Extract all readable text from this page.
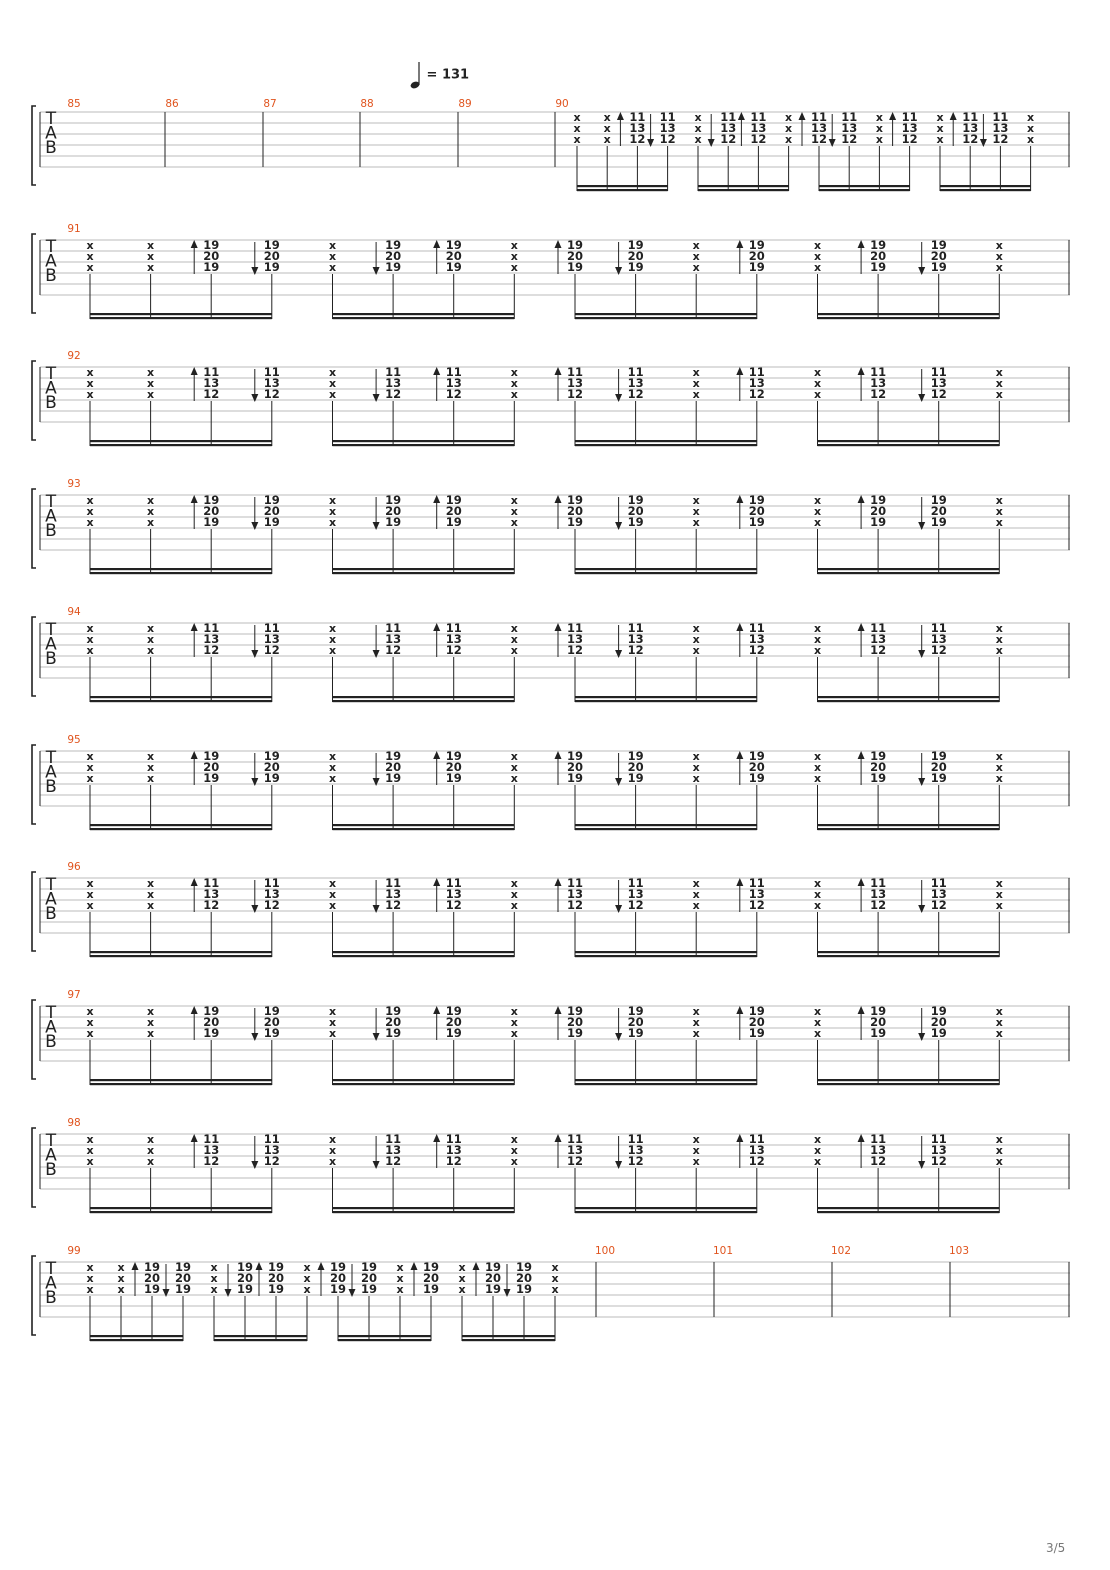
= 131
T
A
B
85	86	87	88	89	90
x
x
x
x
x
x
11
13
12
11
13
12
x
x
x
11
13
12
11
13
12
x
x
x
11
13
12
11
13
12
x
x
x
11
13
12
x
x
x
11
13
12
11
13
12
x
x
x
T
A
B
91
x
x
x
x
x
x
19
20
19
19
20
19
x
x
x
19
20
19
19
20
19
x
x
x
19
20
19
19
20
19
x
x
x
19
20
19
x
x
x
19
20
19
19
20
19
x
x
x
T
A
B
92
x
x
x
x
x
x
11
13
12
11
13
12
x
x
x
11
13
12
11
13
12
x
x
x
11
13
12
11
13
12
x
x
x
11
13
12
x
x
x
11
13
12
11
13
12
x
x
x
T
A
B
93
x
x
x
x
x
x
19
20
19
19
20
19
x
x
x
19
20
19
19
20
19
x
x
x
19
20
19
19
20
19
x
x
x
19
20
19
x
x
x
19
20
19
19
20
19
x
x
x
T
A
B
94
x
x
x
x
x
x
11
13
12
11
13
12
x
x
x
11
13
12
11
13
12
x
x
x
11
13
12
11
13
12
x
x
x
11
13
12
x
x
x
11
13
12
11
13
12
x
x
x
T
A
B
95
x
x
x
x
x
x
19
20
19
19
20
19
x
x
x
19
20
19
19
20
19
x
x
x
19
20
19
19
20
19
x
x
x
19
20
19
x
x
x
19
20
19
19
20
19
x
x
x
T
A
B
96
x
x
x
x
x
x
11
13
12
11
13
12
x
x
x
11
13
12
11
13
12
x
x
x
11
13
12
11
13
12
x
x
x
11
13
12
x
x
x
11
13
12
11
13
12
x
x
x
T
A
B
97
x
x
x
x
x
x
19
20
19
19
20
19
x
x
x
19
20
19
19
20
19
x
x
x
19
20
19
19
20
19
x
x
x
19
20
19
x
x
x
19
20
19
19
20
19
x
x
x
T
A
B
98
x
x
x
x
x
x
11
13
12
11
13
12
x
x
x
11
13
12
11
13
12
x
x
x
11
13
12
11
13
12
x
x
x
11
13
12
x
x
x
11
13
12
11
13
12
x
x
x
T
A
B
99
x
x
x
x
x
x
19
20
19
19
20
19
x
x
x
19
20
19
19
20
19
x
x
x
19
20
19
19
20
19
x
x
x
19
20
19
x
x
x
19
20
19
19
20
19
x
x
x
100	101	102	103
3/5
